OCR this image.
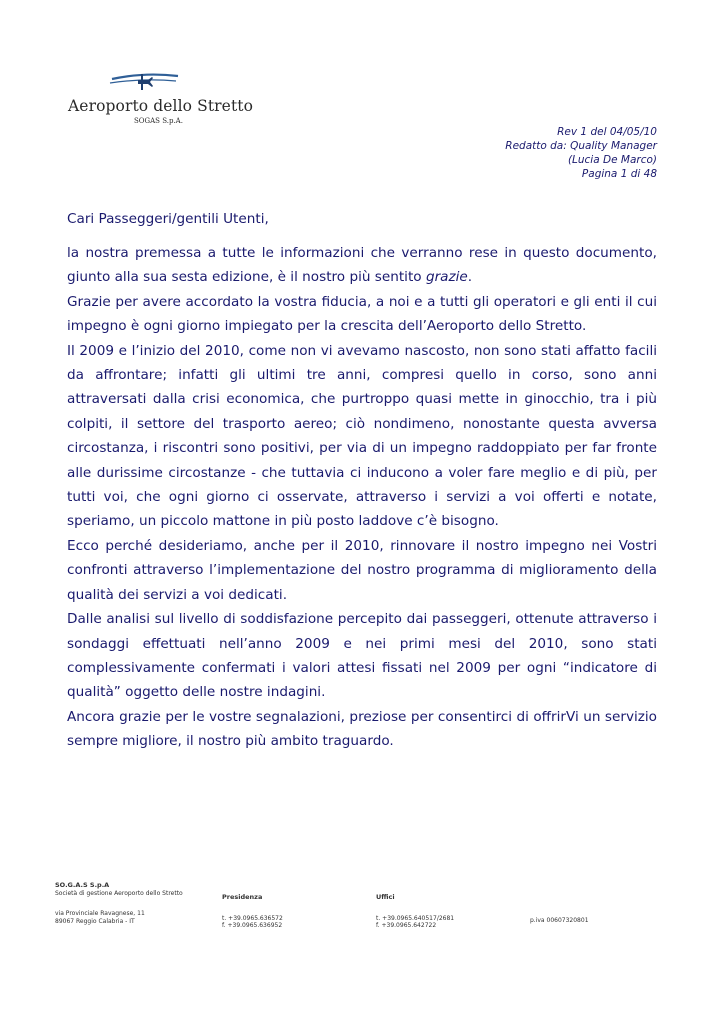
Aeroporto dello Stretto
SOGAS S.p.A.
Rev 1 del 04/05/10
Redatto da: Quality Manager
(Lucia De Marco)
Pagina 1 di 48
Cari Passeggeri/gentili Utenti,

la nostra premessa a tutte le informazioni che verranno rese in questo documento, giunto alla sua sesta edizione, è il nostro più sentito grazie.

Grazie per avere accordato la vostra fiducia, a noi e a tutti gli operatori e gli enti il cui impegno è ogni giorno impiegato per la crescita dell’Aeroporto dello Stretto.

Il 2009 e l’inizio del 2010, come non vi avevamo nascosto, non sono stati affatto facili da affrontare; infatti gli ultimi tre anni, compresi quello in corso, sono anni attraversati dalla crisi economica, che purtroppo quasi mette in ginocchio, tra i più colpiti, il settore del trasporto aereo; ciò nondimeno, nonostante questa avversa circostanza, i riscontri sono positivi, per via di un impegno raddoppiato per far fronte alle durissime circostanze - che tuttavia ci inducono a voler fare meglio e di più, per tutti voi, che ogni giorno ci osservate, attraverso i servizi a voi offerti e notate, speriamo, un piccolo mattone in più posto laddove c’è bisogno.

Ecco perché desideriamo, anche per il 2010, rinnovare il nostro impegno nei Vostri confronti attraverso l’implementazione del nostro programma di miglioramento della qualità dei servizi a voi dedicati.

Dalle analisi sul livello di soddisfazione percepito dai passeggeri, ottenute attraverso i sondaggi effettuati nell’anno 2009 e nei primi mesi del 2010, sono stati complessivamente confermati i valori attesi fissati nel 2009 per ogni “indicatore di qualità” oggetto delle nostre indagini.

Ancora grazie per le vostre segnalazioni, preziose per consentirci di offrirVi un servizio sempre migliore, il nostro più ambito traguardo.

SO.G.A.S S.p.A
Società di gestione Aeroporto dello Stretto
via Provinciale Ravagnese, 11
89067 Reggio Calabria - IT
Presidenza
t. +39.0965.636572
f. +39.0965.636952
Uffici
t. +39.0965.640517/2681
f. +39.0965.642722
p.iva 00607320801
